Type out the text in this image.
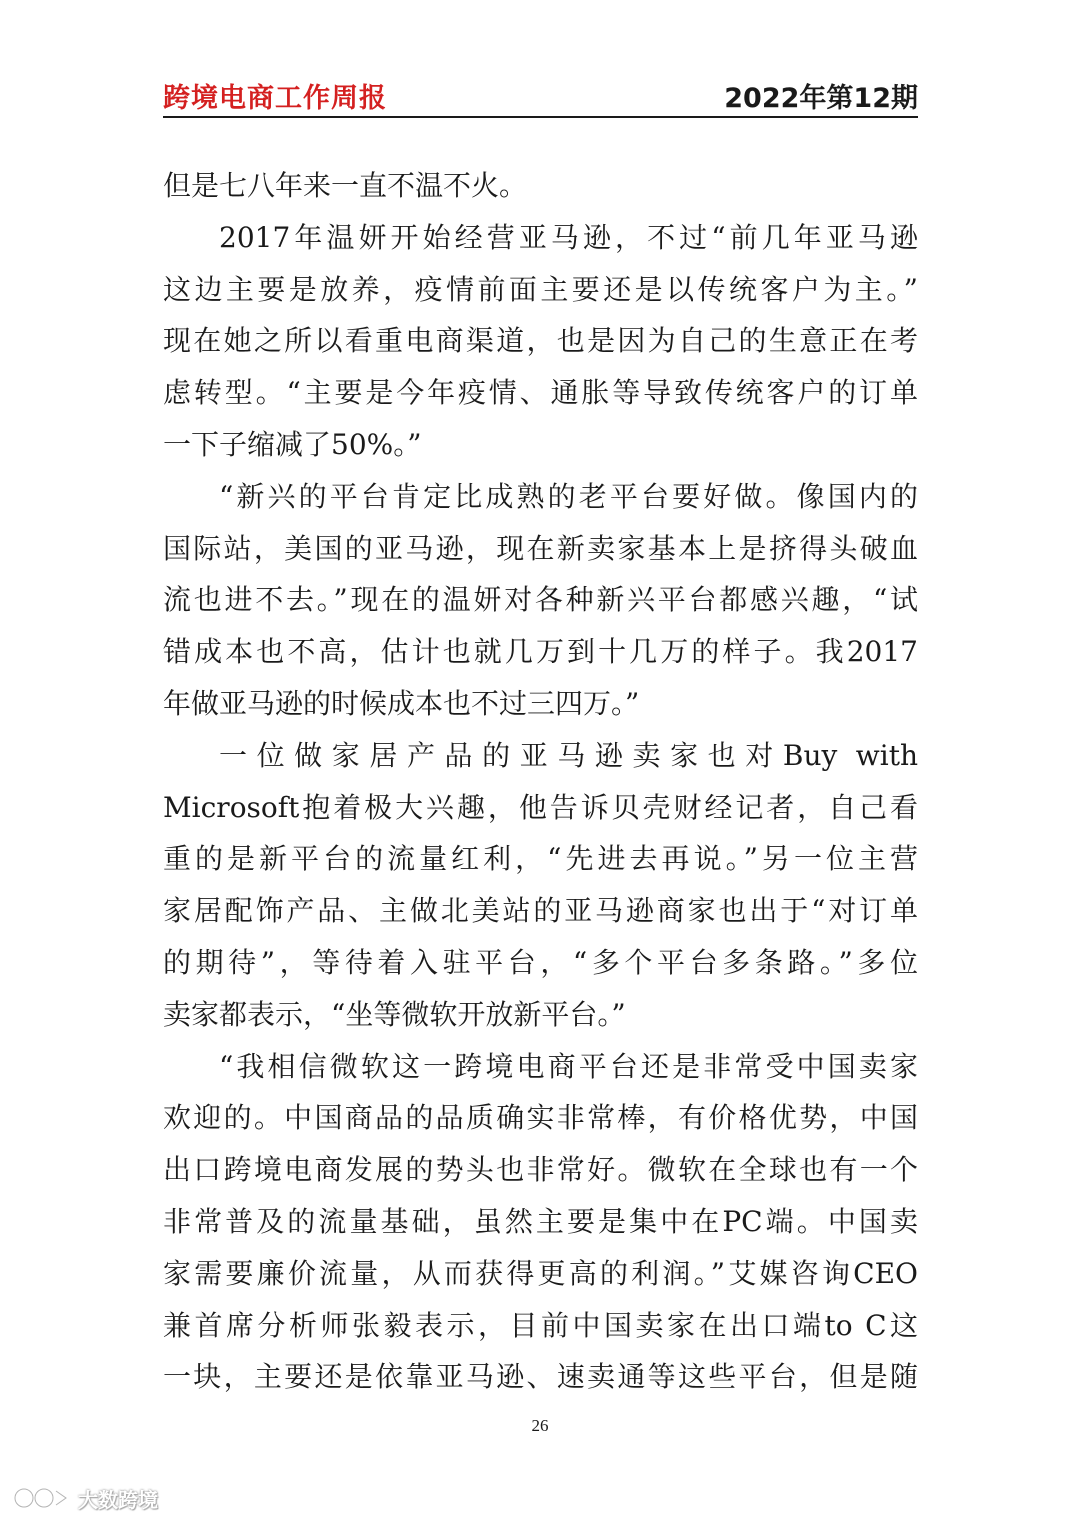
跨境电商工作周报	2022年第12期
但是七八年来一直不温不火。
2017年温妍开始经营亚马逊，不过“前几年亚马逊
这边主要是放养，疫情前面主要还是以传统客户为主。”
现在她之所以看重电商渠道，也是因为自己的生意正在考
虑转型。“主要是今年疫情、通胀等导致传统客户的订单
一下子缩减了50%。”
“新兴的平台肯定比成熟的老平台要好做。像国内的
国际站，美国的亚马逊，现在新卖家基本上是挤得头破血
流也进不去。”现在的温妍对各种新兴平台都感兴趣，“试
错成本也不高，估计也就几万到十几万的样子。我2017
年做亚马逊的时候成本也不过三四万。”
一位做家居产品的亚马逊卖家也对Buy with
Microsoft抱着极大兴趣，他告诉贝壳财经记者，自己看
重的是新平台的流量红利，“先进去再说。”另一位主营
家居配饰产品、主做北美站的亚马逊商家也出于“对订单
的期待”，等待着入驻平台，“多个平台多条路。”多位
卖家都表示，“坐等微软开放新平台。”
“我相信微软这一跨境电商平台还是非常受中国卖家
欢迎的。中国商品的品质确实非常棒，有价格优势，中国
出口跨境电商发展的势头也非常好。微软在全球也有一个
非常普及的流量基础，虽然主要是集中在PC端。中国卖
家需要廉价流量，从而获得更高的利润。”艾媒咨询CEO
兼首席分析师张毅表示，目前中国卖家在出口端to C这
一块，主要还是依靠亚马逊、速卖通等这些平台，但是随
26
大数跨境
